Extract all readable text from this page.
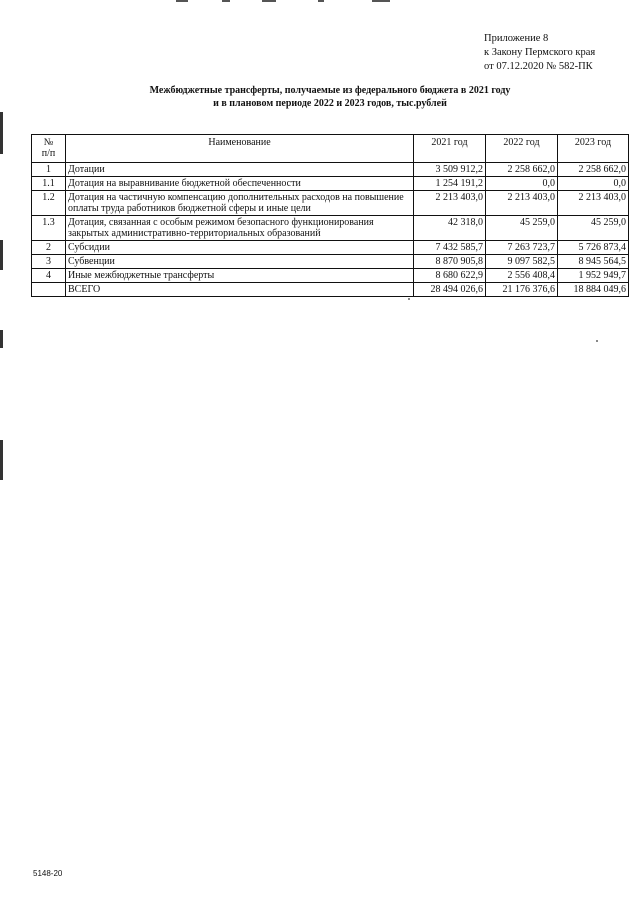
Приложение 8
к Закону Пермского края
от 07.12.2020 № 582-ПК
Межбюджетные трансферты, получаемые из федерального бюджета в 2021 году
и в плановом периоде 2022 и 2023 годов, тыс.рублей
№
п/п	Наименование	2021 год	2022 год	2023 год
1	Дотации	3 509 912,2	2 258 662,0	2 258 662,0
1.1	Дотация на выравнивание бюджетной обеспеченности	1 254 191,2	0,0	0,0
1.2	Дотация на частичную компенсацию дополнительных расходов на повышение оплаты труда работников бюджетной сферы и иные цели	2 213 403,0	2 213 403,0	2 213 403,0
1.3	Дотация, связанная с особым режимом безопасного функционирования закрытых административно-территориальных образований	42 318,0	45 259,0	45 259,0
2	Субсидии	7 432 585,7	7 263 723,7	5 726 873,4
3	Субвенции	8 870 905,8	9 097 582,5	8 945 564,5
4	Иные межбюджетные трансферты	8 680 622,9	2 556 408,4	1 952 949,7
	ВСЕГО	28 494 026,6	21 176 376,6	18 884 049,6
5148-20
